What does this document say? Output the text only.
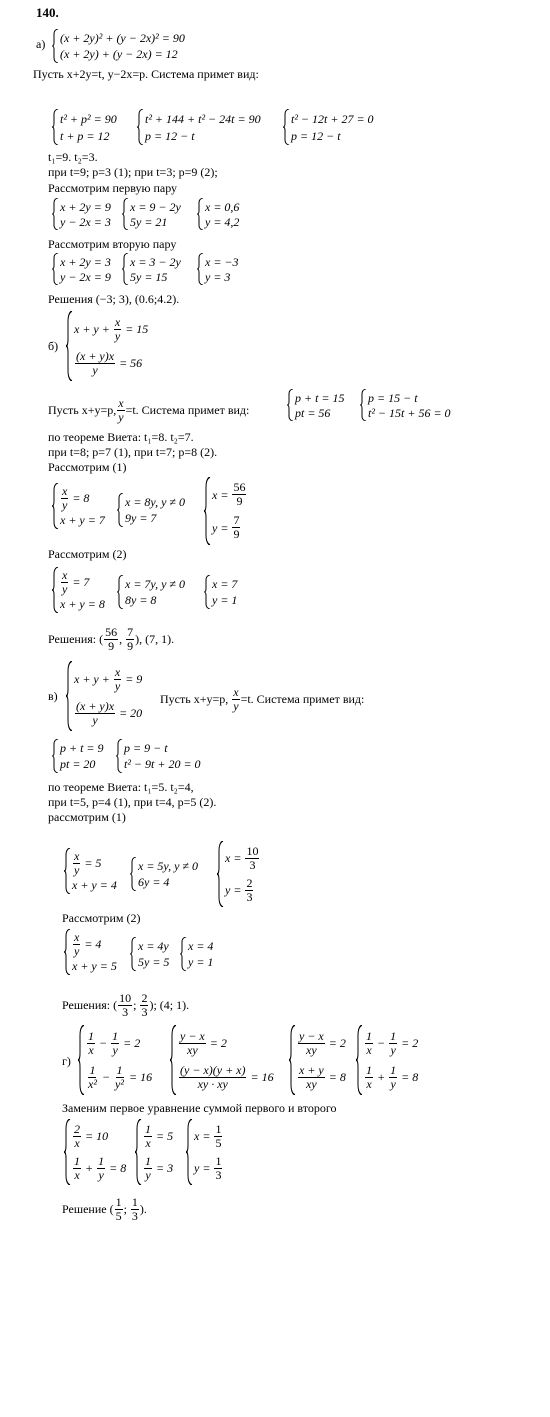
140.
а) (x + 2y)² + (y − 2x)² = 90
(x + 2y) + (y − 2x) = 12
Пусть x+2y=t, y−2x=p. Система примет вид:
t² + p² = 90
t + p = 12
t² + 144 + t² − 24t = 90
p = 12 − t
t² − 12t + 27 = 0
p = 12 − t
t₁=9. t₂=3.
при t=9; p=3 (1); при t=3; p=9 (2);
Рассмотрим первую пару
x + 2y = 9
y − 2x = 3
x = 9 − 2y
5y = 21
x = 0,6
y = 4,2
Рассмотрим вторую пару
x + 2y = 3
y − 2x = 9
x = 3 − 2y
5y = 15
x = −3
y = 3
Решения (−3; 3), (0.6;4.2).
б)
x + y +
$\frac{x}{y}$
= 15
$\frac{(x + y)x}{y}$
= 56
Пусть x+y=p, $\frac{x}{y} =t$. Система примет вид:
p + t = 15
pt = 56
p = 15 − t
t² − 15t + 56 = 0
по теореме Виета: t₁=8. t₂=7.
при t=8; p=7 (1), при t=7; p=8 (2).
Рассмотрим (1)
$\frac{x}{y}$
= 8
x + y = 7
x = 8y, y ≠ 0
9y = 7
x =
$\frac{56}{9}$
y =
$\frac{7}{9}$
Рассмотрим (2)
$\frac{x}{y}$
= 7
x + y = 8
x = 7y, y ≠ 0
8y = 8
x = 7
y = 1
Решения: (
56
9 ,

7
9 ), (7, 1).
в)
x + y +
$\frac{x}{y}$
= 9
$\frac{(x + y)x}{y}$
= 20
Пусть x+y=p,
$\frac{x}{y} =t$. Система примет вид:
p + t = 9
pt = 20
p = 9 − t
t² − 9t + 20 = 0
по теореме Виета: t₁=5. t₂=4,
при t=5, p=4 (1), при t=4, p=5 (2).
рассмотрим (1)
$\frac{x}{y}$
= 5
x + y = 4
x = 5y, y ≠ 0
6y = 4
x =
$\frac{10}{3}$
y =
$\frac{2}{3}$
Рассмотрим (2)
$\frac{x}{y}$
= 4
x + y = 5
x = 4y
5y = 5
x = 4
y = 1
Решения: (
10
3 ;

2
3 ); (4; 1).
г)
1
x
−
$\frac{1}{y}$
= 2
1
x²
−
$\frac{1}{\text{y²}}$
= 16
$\frac{y - x}{xy}$
= 2
$\frac{(y - x)(y + x)}{xy \cdot xy}$
= 16
$\frac{y - x}{xy}$
= 2
$\frac{x + y}{xy}$
= 8
1
x
−
$\frac{1}{y}$
= 2
1
x
+
$\frac{1}{y}$
= 8
Заменим первое уравнение суммой первого и второго
$\frac{2}{x}$
= 10
1
x
+
$\frac{1}{y}$
= 8
$\frac{1}{x}$
= 5
$\frac{1}{y}$
= 3
x =
$\frac{1}{5}$
y =
$\frac{1}{3}$
Решение (
1
5 ;

1
3 ).
